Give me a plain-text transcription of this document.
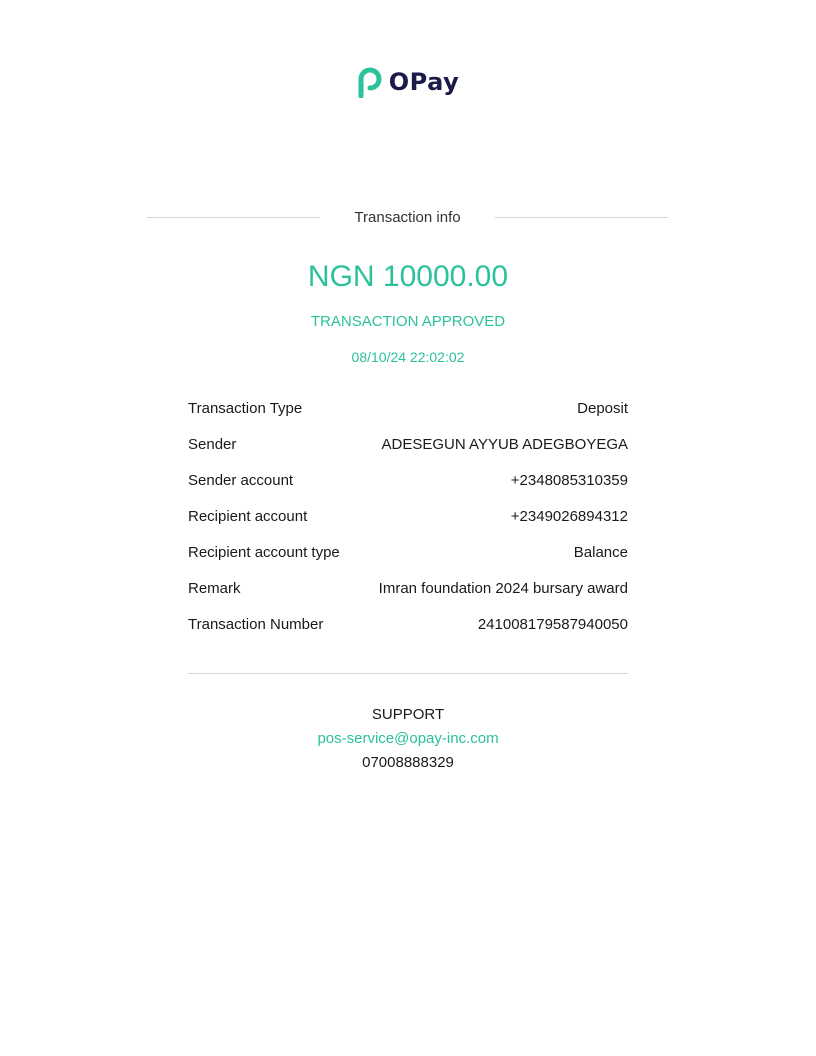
OPay
Transaction info
NGN 10000.00
TRANSACTION APPROVED
08/10/24 22:02:02
Transaction Type	Deposit
Sender	ADESEGUN AYYUB ADEGBOYEGA
Sender account	+2348085310359
Recipient account	+2349026894312
Recipient account type	Balance
Remark	Imran foundation 2024 bursary award
Transaction Number	241008179587940050
SUPPORT
pos-service@opay-inc.com
07008888329
